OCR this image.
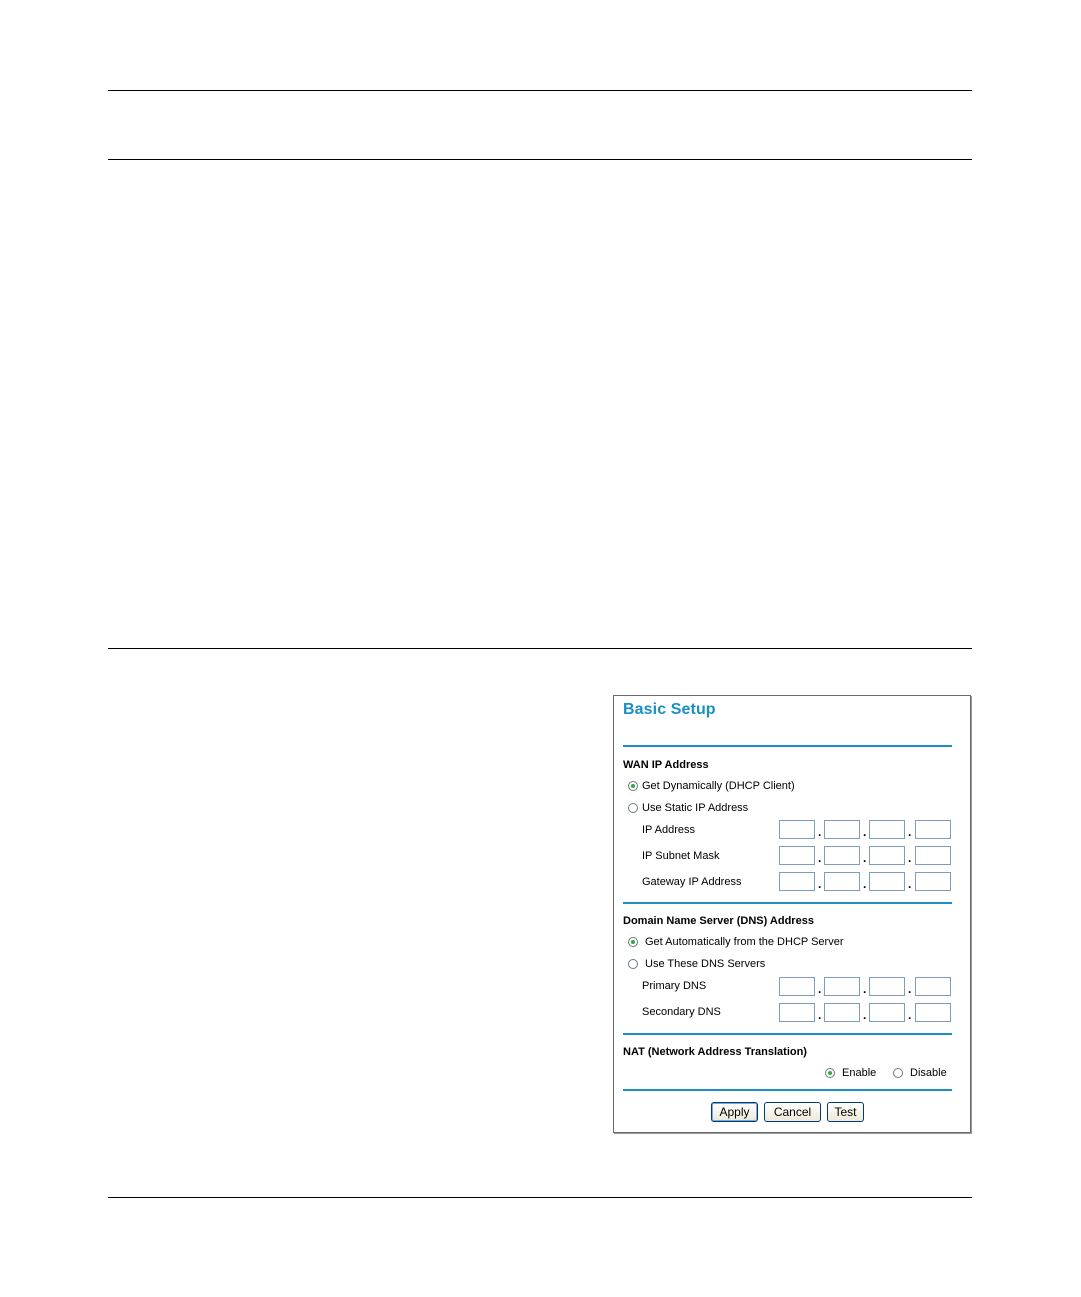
Basic Setup
WAN IP Address
Get Dynamically (DHCP Client)
Use Static IP Address
IP Address	.	.	.
IP Subnet Mask	.	.	.
Gateway IP Address	.	.	.
Domain Name Server (DNS) Address
Get Automatically from the DHCP Server
Use These DNS Servers
Primary DNS	.	.	.
Secondary DNS	.	.	.
NAT (Network Address Translation)
Enable	Disable
Apply	Cancel	Test
